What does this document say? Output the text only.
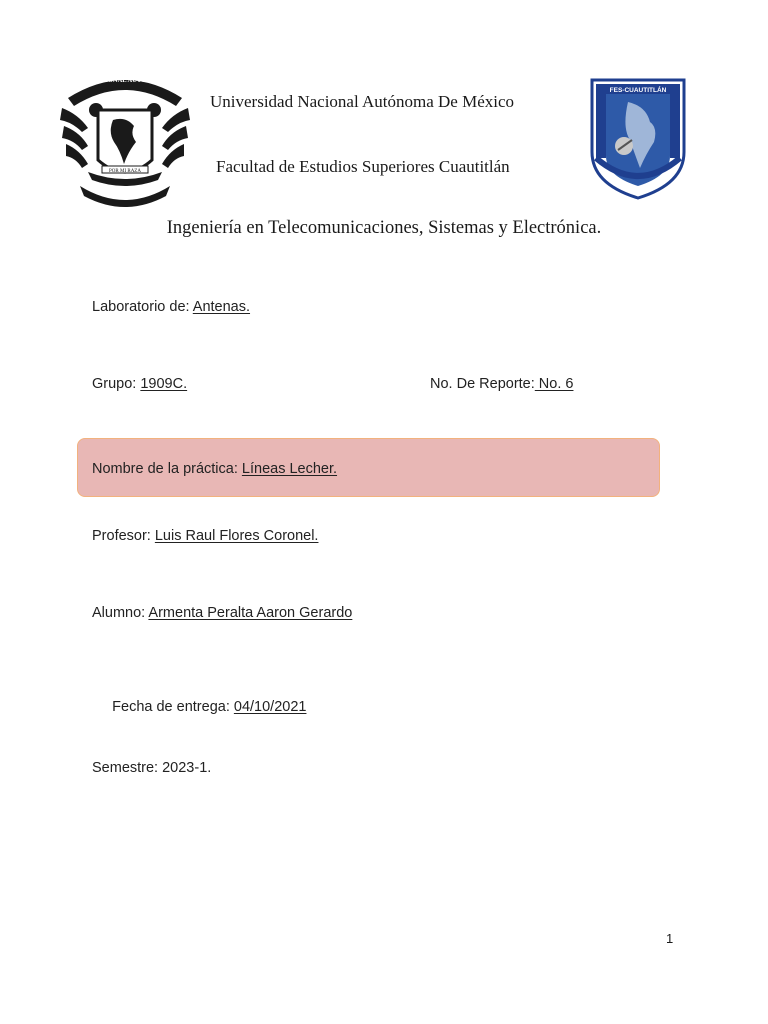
POR MI RAZA
UNIVERSIDAD NACIONAL AUTÓNOMA DE MÉXICO
FES-CUAUTITLÁN
Universidad Nacional Autónoma De México
Facultad de Estudios Superiores Cuautitlán
Ingeniería en Telecomunicaciones, Sistemas y Electrónica.
Laboratorio de: Antenas.
Grupo: 1909C.	No. De Reporte: No. 6
Nombre de la práctica: Líneas Lecher.
Profesor: Luis Raul Flores Coronel.
Alumno: Armenta Peralta Aaron Gerardo

Fecha de entrega: 04/10/2021

Semestre: 2023-1.
1
